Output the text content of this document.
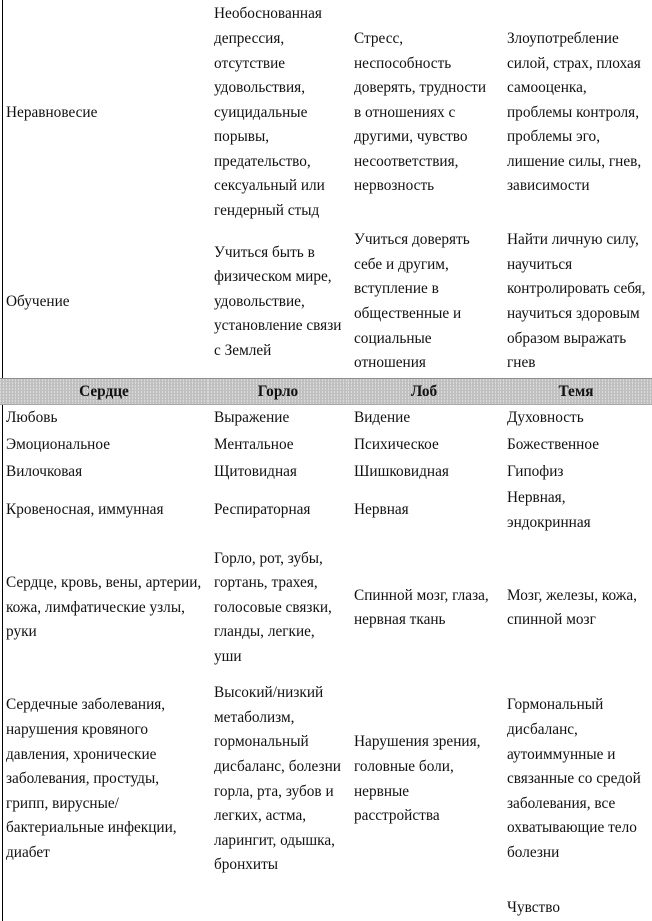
Неравновесие	Необоснованная депрессия, отсутствие удовольствия, суицидальные порывы, предательство, сексуальный или гендерный стыд	Стресс, неспособность доверять, трудности в отношениях с другими, чувство несоответствия, нервозность	Злоупотребление силой, страх, плохая самооценка, проблемы контроля, проблемы эго, лишение силы, гнев, зависимости

Обучение	Учиться быть в физическом мире, удовольствие, установление связи с Землей	Учиться доверять себе и другим, вступление в общественные и социальные отношения	Найти личную силу, научиться контролировать себя, научиться здоровым образом выражать гнев

Сердце	Горло	Лоб	Темя

Любовь	Выражение	Видение	Духовность

Эмоциональное	Ментальное	Психическое	Божественное

Вилочковая	Щитовидная	Шишковидная	Гипофиз

Кровеносная, иммунная	Респираторная	Нервная	Нервная, эндокринная

Сердце, кровь, вены, артерии, кожа, лимфатические узлы, руки	Горло, рот, зубы, гортань, трахея, голосовые связки, гланды, легкие, уши	Спинной мозг, глаза, нервная ткань	Мозг, железы, кожа, спинной мозг

Сердечные заболевания, нарушения кровяного давления, хронические заболевания, простуды, грипп, вирусные/бактериальные инфекции, диабет	Высокий/низкий метаболизм, гормональный дисбаланс, болезни горла, рта, зубов и легких, астма, ларингит, одышка, бронхиты	Нарушения зрения, головные боли, нервные расстройства	Гормональный дисбаланс, аутоиммунные и связанные со средой заболевания, все охватывающие тело болезни

			Чувство
